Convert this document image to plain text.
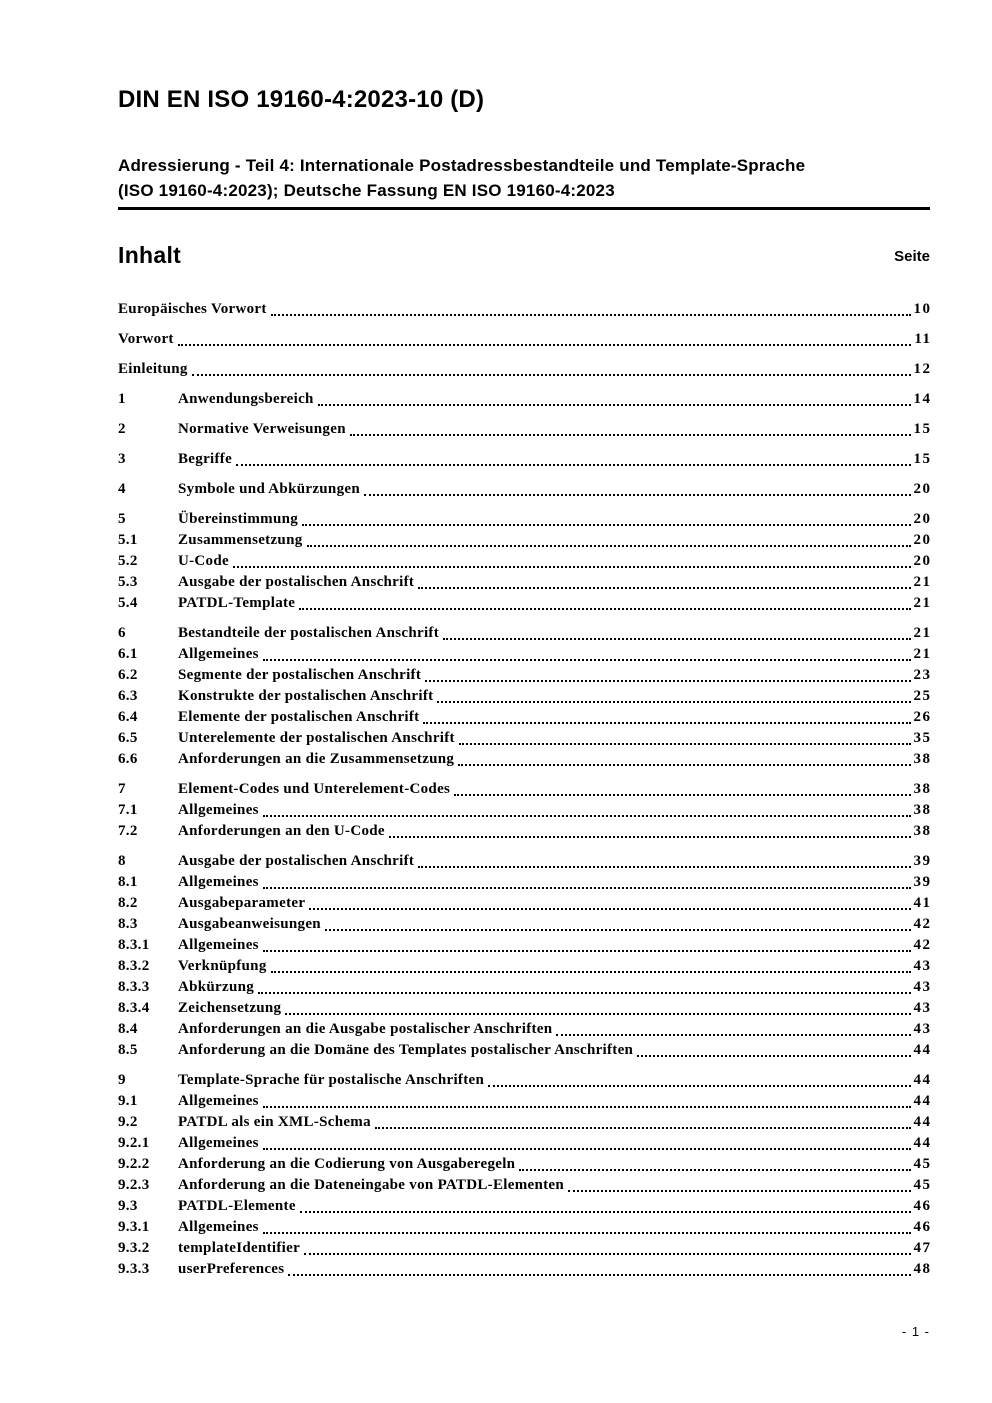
DIN EN ISO 19160-4:2023-10 (D)
Adressierung - Teil 4: Internationale Postadressbestandteile und Template-Sprache
(ISO 19160-4:2023); Deutsche Fassung EN ISO 19160-4:2023
Inhalt	Seite
Europäisches Vorwort	10
Vorwort	11
Einleitung	12
1	Anwendungsbereich	14
2	Normative Verweisungen	15
3	Begriffe	15
4	Symbole und Abkürzungen	20
5	Übereinstimmung	20
5.1	Zusammensetzung	20
5.2	U-Code	20
5.3	Ausgabe der postalischen Anschrift	21
5.4	PATDL-Template	21
6	Bestandteile der postalischen Anschrift	21
6.1	Allgemeines	21
6.2	Segmente der postalischen Anschrift	23
6.3	Konstrukte der postalischen Anschrift	25
6.4	Elemente der postalischen Anschrift	26
6.5	Unterelemente der postalischen Anschrift	35
6.6	Anforderungen an die Zusammensetzung	38
7	Element-Codes und Unterelement-Codes	38
7.1	Allgemeines	38
7.2	Anforderungen an den U-Code	38
8	Ausgabe der postalischen Anschrift	39
8.1	Allgemeines	39
8.2	Ausgabeparameter	41
8.3	Ausgabeanweisungen	42
8.3.1	Allgemeines	42
8.3.2	Verknüpfung	43
8.3.3	Abkürzung	43
8.3.4	Zeichensetzung	43
8.4	Anforderungen an die Ausgabe postalischer Anschriften	43
8.5	Anforderung an die Domäne des Templates postalischer Anschriften	44
9	Template-Sprache für postalische Anschriften	44
9.1	Allgemeines	44
9.2	PATDL als ein XML-Schema	44
9.2.1	Allgemeines	44
9.2.2	Anforderung an die Codierung von Ausgaberegeln	45
9.2.3	Anforderung an die Dateneingabe von PATDL-Elementen	45
9.3	PATDL-Elemente	46
9.3.1	Allgemeines	46
9.3.2	templateIdentifier	47
9.3.3	userPreferences	48
- 1 -
